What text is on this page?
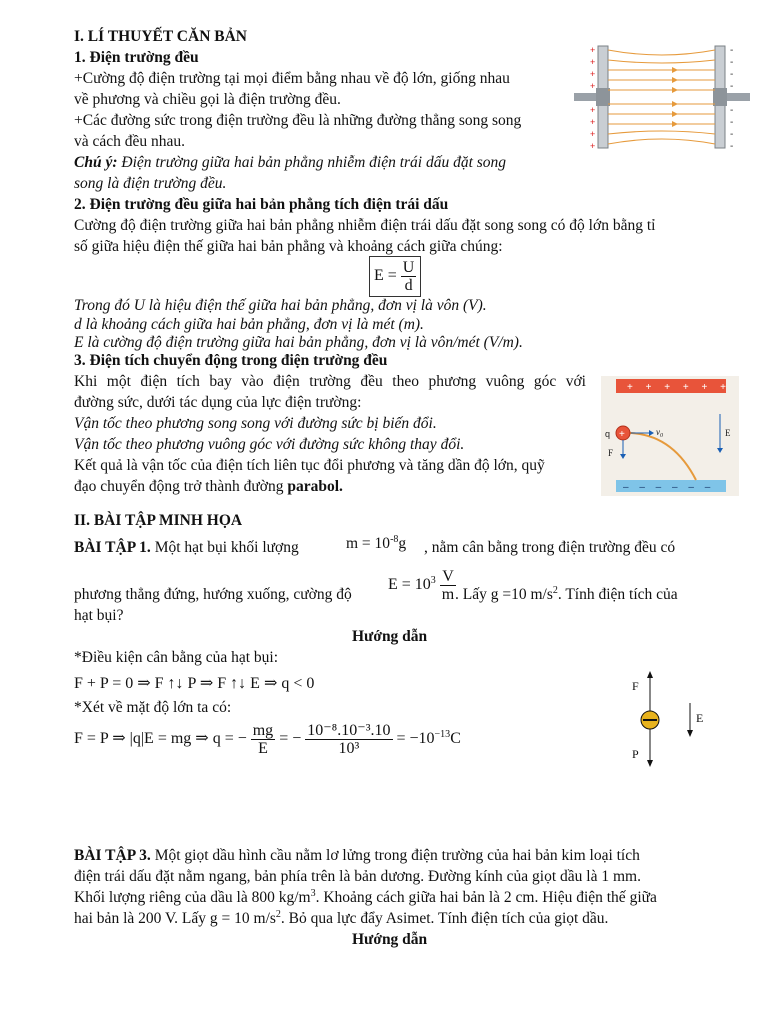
I. LÍ THUYẾT CĂN BẢN
1. Điện trường đều
+Cường độ điện trường tại mọi điểm bằng nhau về độ lớn, giống nhau
về phương và chiều gọi là điện trường đều.
+Các đường sức trong điện trường đều là những đường thẳng song song
và cách đều nhau.
Chú ý: Điện trường giữa hai bản phẳng nhiễm điện trái dấu đặt song
song là điện trường đều.
+
+
+
+
+
+
+
+
-
-
-
-
-
-
-
-
2. Điện trường đều giữa hai bản phẳng tích điện trái dấu
Cường độ điện trường giữa hai bản phẳng nhiễm điện trái dấu đặt song song có độ lớn bằng tỉ
số giữa hiệu điện thế giữa hai bản phẳng và khoảng cách giữa chúng:
$E = \frac{U}{d}$
Trong đó U là hiệu điện thế giữa hai bản phẳng, đơn vị là vôn (V).
d là khoảng cách giữa hai bản phẳng, đơn vị là mét (m).
E là cường độ điện trường giữa hai bản phẳng, đơn vị là vôn/mét (V/m).
3. Điện tích chuyển động trong điện trường đều
Khi một điện tích bay vào điện trường đều theo phương vuông góc với
đường sức, dưới tác dụng của lực điện trường:
Vận tốc theo phương song song với đường sức bị biến đổi.
Vận tốc theo phương vuông góc với đường sức không thay đổi.
Kết quả là vận tốc của điện tích liên tục đổi phương và tăng dần độ lớn, quỹ
đạo chuyển động trở thành đường parabol.
+ + + + + +
– – – – – –
+
q	$v_0$
F
E
II. BÀI TẬP MINH HỌA
BÀI TẬP 1. Một hạt bụi khối lượng	$m = 10^{-8}g$ , nằm cân bằng trong điện trường đều có
phương thẳng đứng, hướng xuống, cường độ
$E = 10^3 \frac{V}{m}$
. Lấy g =10 $m/s^2$. Tính điện tích của
hạt bụi?
Hướng dẫn
*Điều kiện cân bằng của hạt bụi:
F + P = 0 ⇒ F ↑↓ P ⇒ F ↑↓ E ⇒ q < 0
*Xét về mặt độ lớn ta có:
F = P ⇒ |q|E = mg ⇒ q = − $\frac{mg}{E}$ = − $\frac{\text{10⁻⁸.10⁻³.10}}{\text{10³}} = -10^{-13}C$
F
P
E
BÀI TẬP 3. Một giọt dầu hình cầu nằm lơ lửng trong điện trường của hai bản kim loại tích
điện trái dấu đặt nằm ngang, bản phía trên là bản dương. Đường kính của giọt dầu là 1 mm.
Khối lượng riêng của dầu là 800 $kg/m^3$. Khoảng cách giữa hai bản là 2 cm. Hiệu điện thế giữa
hai bản là 200 V. Lấy g = 10 $m/s^2$. Bỏ qua lực đẩy Asimet. Tính điện tích của giọt dầu.
Hướng dẫn
